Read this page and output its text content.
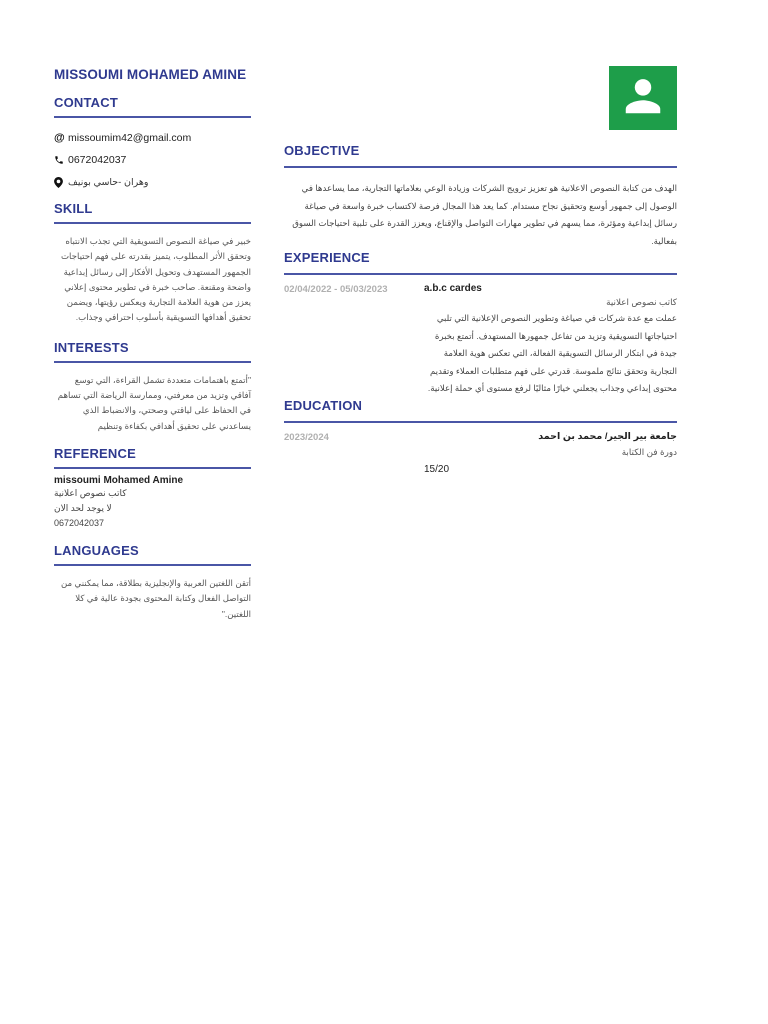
MISSOUMI MOHAMED AMINE
CONTACT
@ missoumim42@gmail.com
0672042037
وهران -حاسي بونيف
SKILL

خبير في صياغة النصوص التسويقية التي تجذب الانتباه وتحقق الأثر المطلوب، يتميز بقدرته على فهم احتياجات الجمهور المستهدف وتحويل الأفكار إلى رسائل إبداعية واضحة ومقنعة. صاحب خبرة في تطوير محتوى إعلاني يعزز من هوية العلامة التجارية ويعكس رؤيتها، ويضمن تحقيق أهدافها التسويقية بأسلوب احترافي وجذاب.

INTERESTS

"أتمتع باهتمامات متعددة تشمل القراءة، التي توسع آفاقي وتزيد من معرفتي، وممارسة الرياضة التي تساهم في الحفاظ على لياقتي وصحتي، والانضباط الذي يساعدني على تحقيق أهدافي بكفاءة وتنظيم

REFERENCE
missoumi Mohamed Amine
كاتب نصوص اعلانية
لا يوجد لحد الان
0672042037
LANGUAGES

أتقن اللغتين العربية والإنجليزية بطلاقة، مما يمكنني من التواصل الفعال وكتابة المحتوى بجودة عالية في كلا اللغتين."

OBJECTIVE

الهدف من كتابة النصوص الاعلانية هو تعزيز ترويج الشركات وزيادة الوعي بعلاماتها التجارية، مما يساعدها في الوصول إلى جمهور أوسع وتحقيق نجاح مستدام. كما يعد هذا المجال فرصة لاكتساب خبرة واسعة في صياغة رسائل إبداعية ومؤثرة، مما يسهم في تطوير مهارات التواصل والإقناع، ويعزز القدرة على تلبية احتياجات السوق بفعالية.

EXPERIENCE
02/04/2022 - 05/03/2023	a.b.c cardes
كاتب نصوص اعلانية
عملت مع عدة شركات في صياغة وتطوير النصوص الإعلانية التي تلبي احتياجاتها التسويقية وتزيد من تفاعل جمهورها المستهدف. أتمتع بخبرة جيدة في ابتكار الرسائل التسويقية الفعالة، التي تعكس هوية العلامة التجارية وتحقق نتائج ملموسة. قدرتي على فهم متطلبات العملاء وتقديم محتوى إبداعي وجذاب يجعلني خيارًا مثاليًا لرفع مستوى أي حملة إعلانية.
EDUCATION
2023/2024	جامعة بير الجير/ محمد بن احمد
دورة فن الكتابة
15/20
